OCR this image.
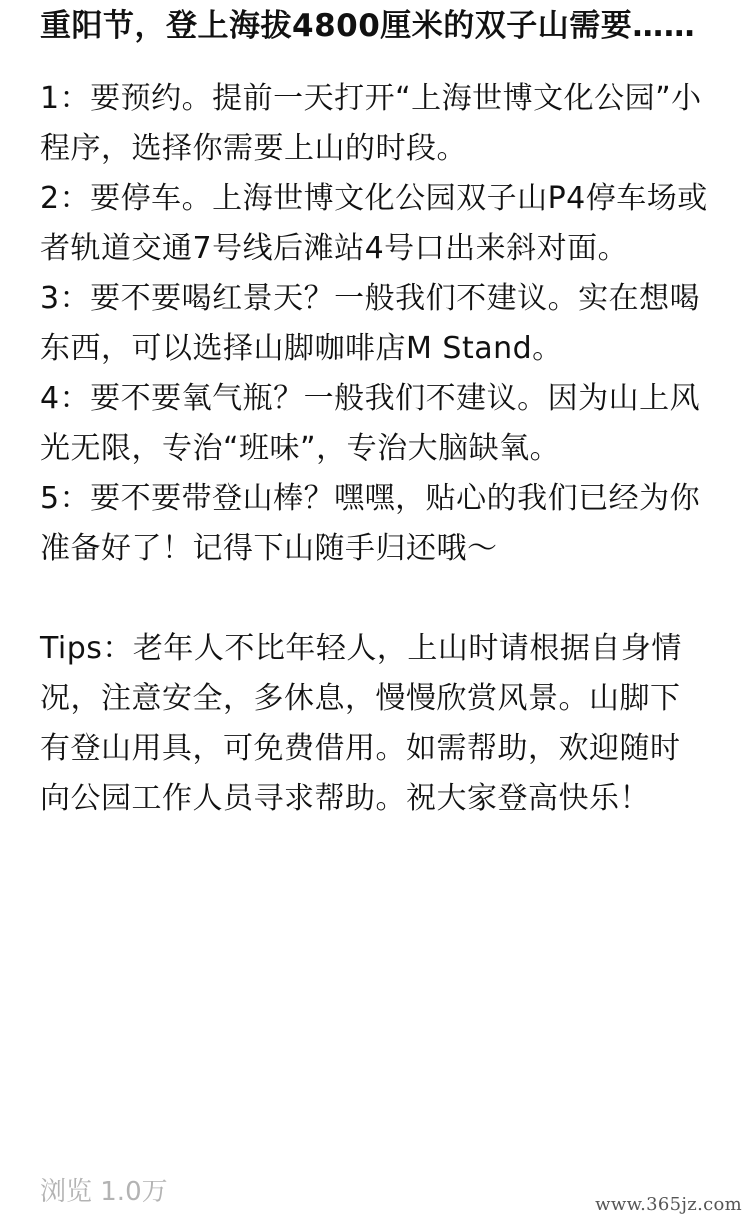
重阳节，登上海拔4800厘米的双子山需要……

1：要预约。提前一天打开“上海世博文化公园”小程序，选择你需要上山的时段。

2：要停车。上海世博文化公园双子山P4停车场或者轨道交通7号线后滩站4号口出来斜对面。

3：要不要喝红景天？一般我们不建议。实在想喝东西，可以选择山脚咖啡店M Stand。

4：要不要氧气瓶？一般我们不建议。因为山上风光无限，专治“班味”，专治大脑缺氧。

5：要不要带登山棒？嘿嘿，贴心的我们已经为你准备好了！记得下山随手归还哦～

Tips：老年人不比年轻人，上山时请根据自身情况，注意安全，多休息，慢慢欣赏风景。山脚下有登山用具，可免费借用。如需帮助，欢迎随时向公园工作人员寻求帮助。祝大家登高快乐！

浏览 1.0万	www.365jz.com
